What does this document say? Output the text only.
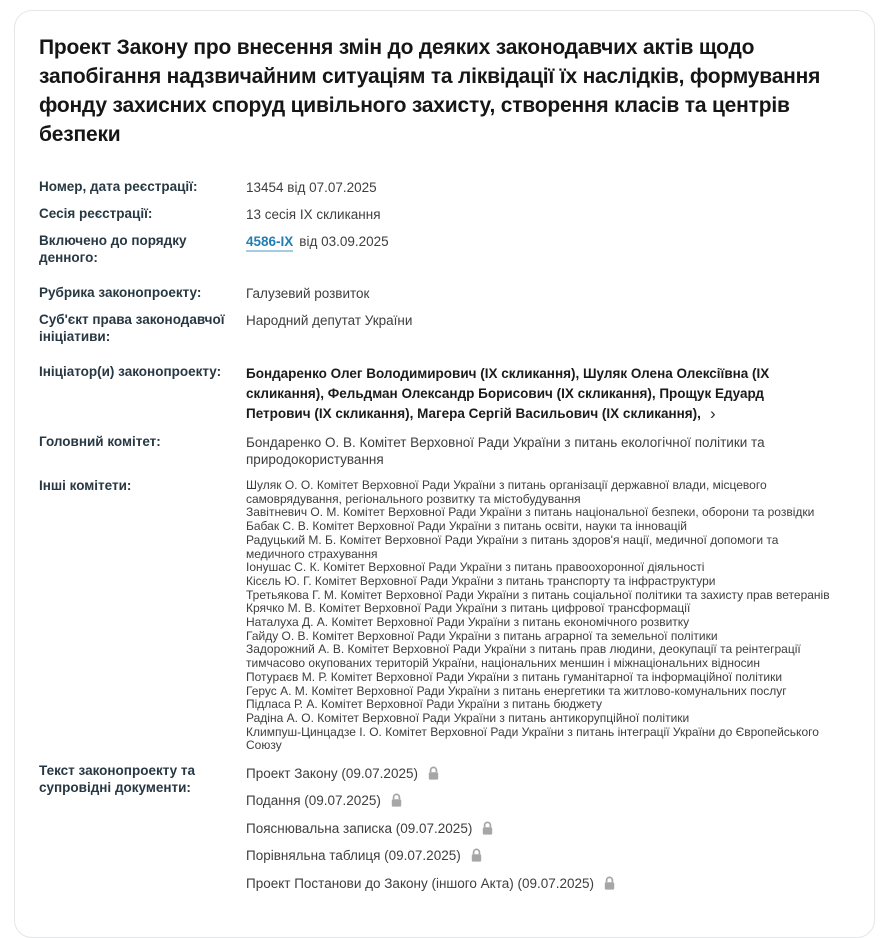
Проект Закону про внесення змін до деяких законодавчих актів щодо запобігання надзвичайним ситуаціям та ліквідації їх наслідків, формування фонду захисних споруд цивільного захисту, створення класів та центрів безпеки
Номер, дата реєстрації:	13454 від 07.07.2025
Сесія реєстрації:	13 сесія IX скликання
Включено до порядку денного:
4586-IX від 03.09.2025
Рубрика законопроекту:	Галузевий розвиток
Суб'єкт права законодавчої ініціативи:
Народний депутат України
Ініціатор(и) законопроекту:	Бондаренко Олег Володимирович (IX скликання), Шуляк Олена Олексіївна (IX скликання), Фельдман Олександр Борисович (IX скликання), Прощук Едуард Петрович (IX скликання), Магера Сергій Васильович (IX скликання), ›
Головний комітет:	Бондаренко О. В. Комітет Верховної Ради України з питань екологічної політики та природокористування
Інші комітети:	Шуляк О. О. Комітет Верховної Ради України з питань організації державної влади, місцевого самоврядування, регіонального розвитку та містобудування
Завітневич О. М. Комітет Верховної Ради України з питань національної безпеки, оборони та розвідки
Бабак С. В. Комітет Верховної Ради України з питань освіти, науки та інновацій
Радуцький М. Б. Комітет Верховної Ради України з питань здоров'я нації, медичної допомоги та медичного страхування
Іонушас С. К. Комітет Верховної Ради України з питань правоохоронної діяльності
Кісєль Ю. Г. Комітет Верховної Ради України з питань транспорту та інфраструктури
Третьякова Г. М. Комітет Верховної Ради України з питань соціальної політики та захисту прав ветеранів
Крячко М. В. Комітет Верховної Ради України з питань цифрової трансформації
Наталуха Д. А. Комітет Верховної Ради України з питань економічного розвитку
Гайду О. В. Комітет Верховної Ради України з питань аграрної та земельної політики
Задорожний А. В. Комітет Верховної Ради України з питань прав людини, деокупації та реінтеграції тимчасово окупованих територій України, національних меншин і міжнаціональних відносин
Потураєв М. Р. Комітет Верховної Ради України з питань гуманітарної та інформаційної політики
Герус А. М. Комітет Верховної Ради України з питань енергетики та житлово-комунальних послуг
Підласа Р. А. Комітет Верховної Ради України з питань бюджету
Радіна А. О. Комітет Верховної Ради України з питань антикорупційної політики
Климпуш-Цинцадзе І. О. Комітет Верховної Ради України з питань інтеграції України до Європейського Союзу
Текст законопроекту та супровідні документи:
Проект Закону (09.07.2025)
Подання (09.07.2025)
Пояснювальна записка (09.07.2025)
Порівняльна таблиця (09.07.2025)
Проект Постанови до Закону (іншого Акта) (09.07.2025)
